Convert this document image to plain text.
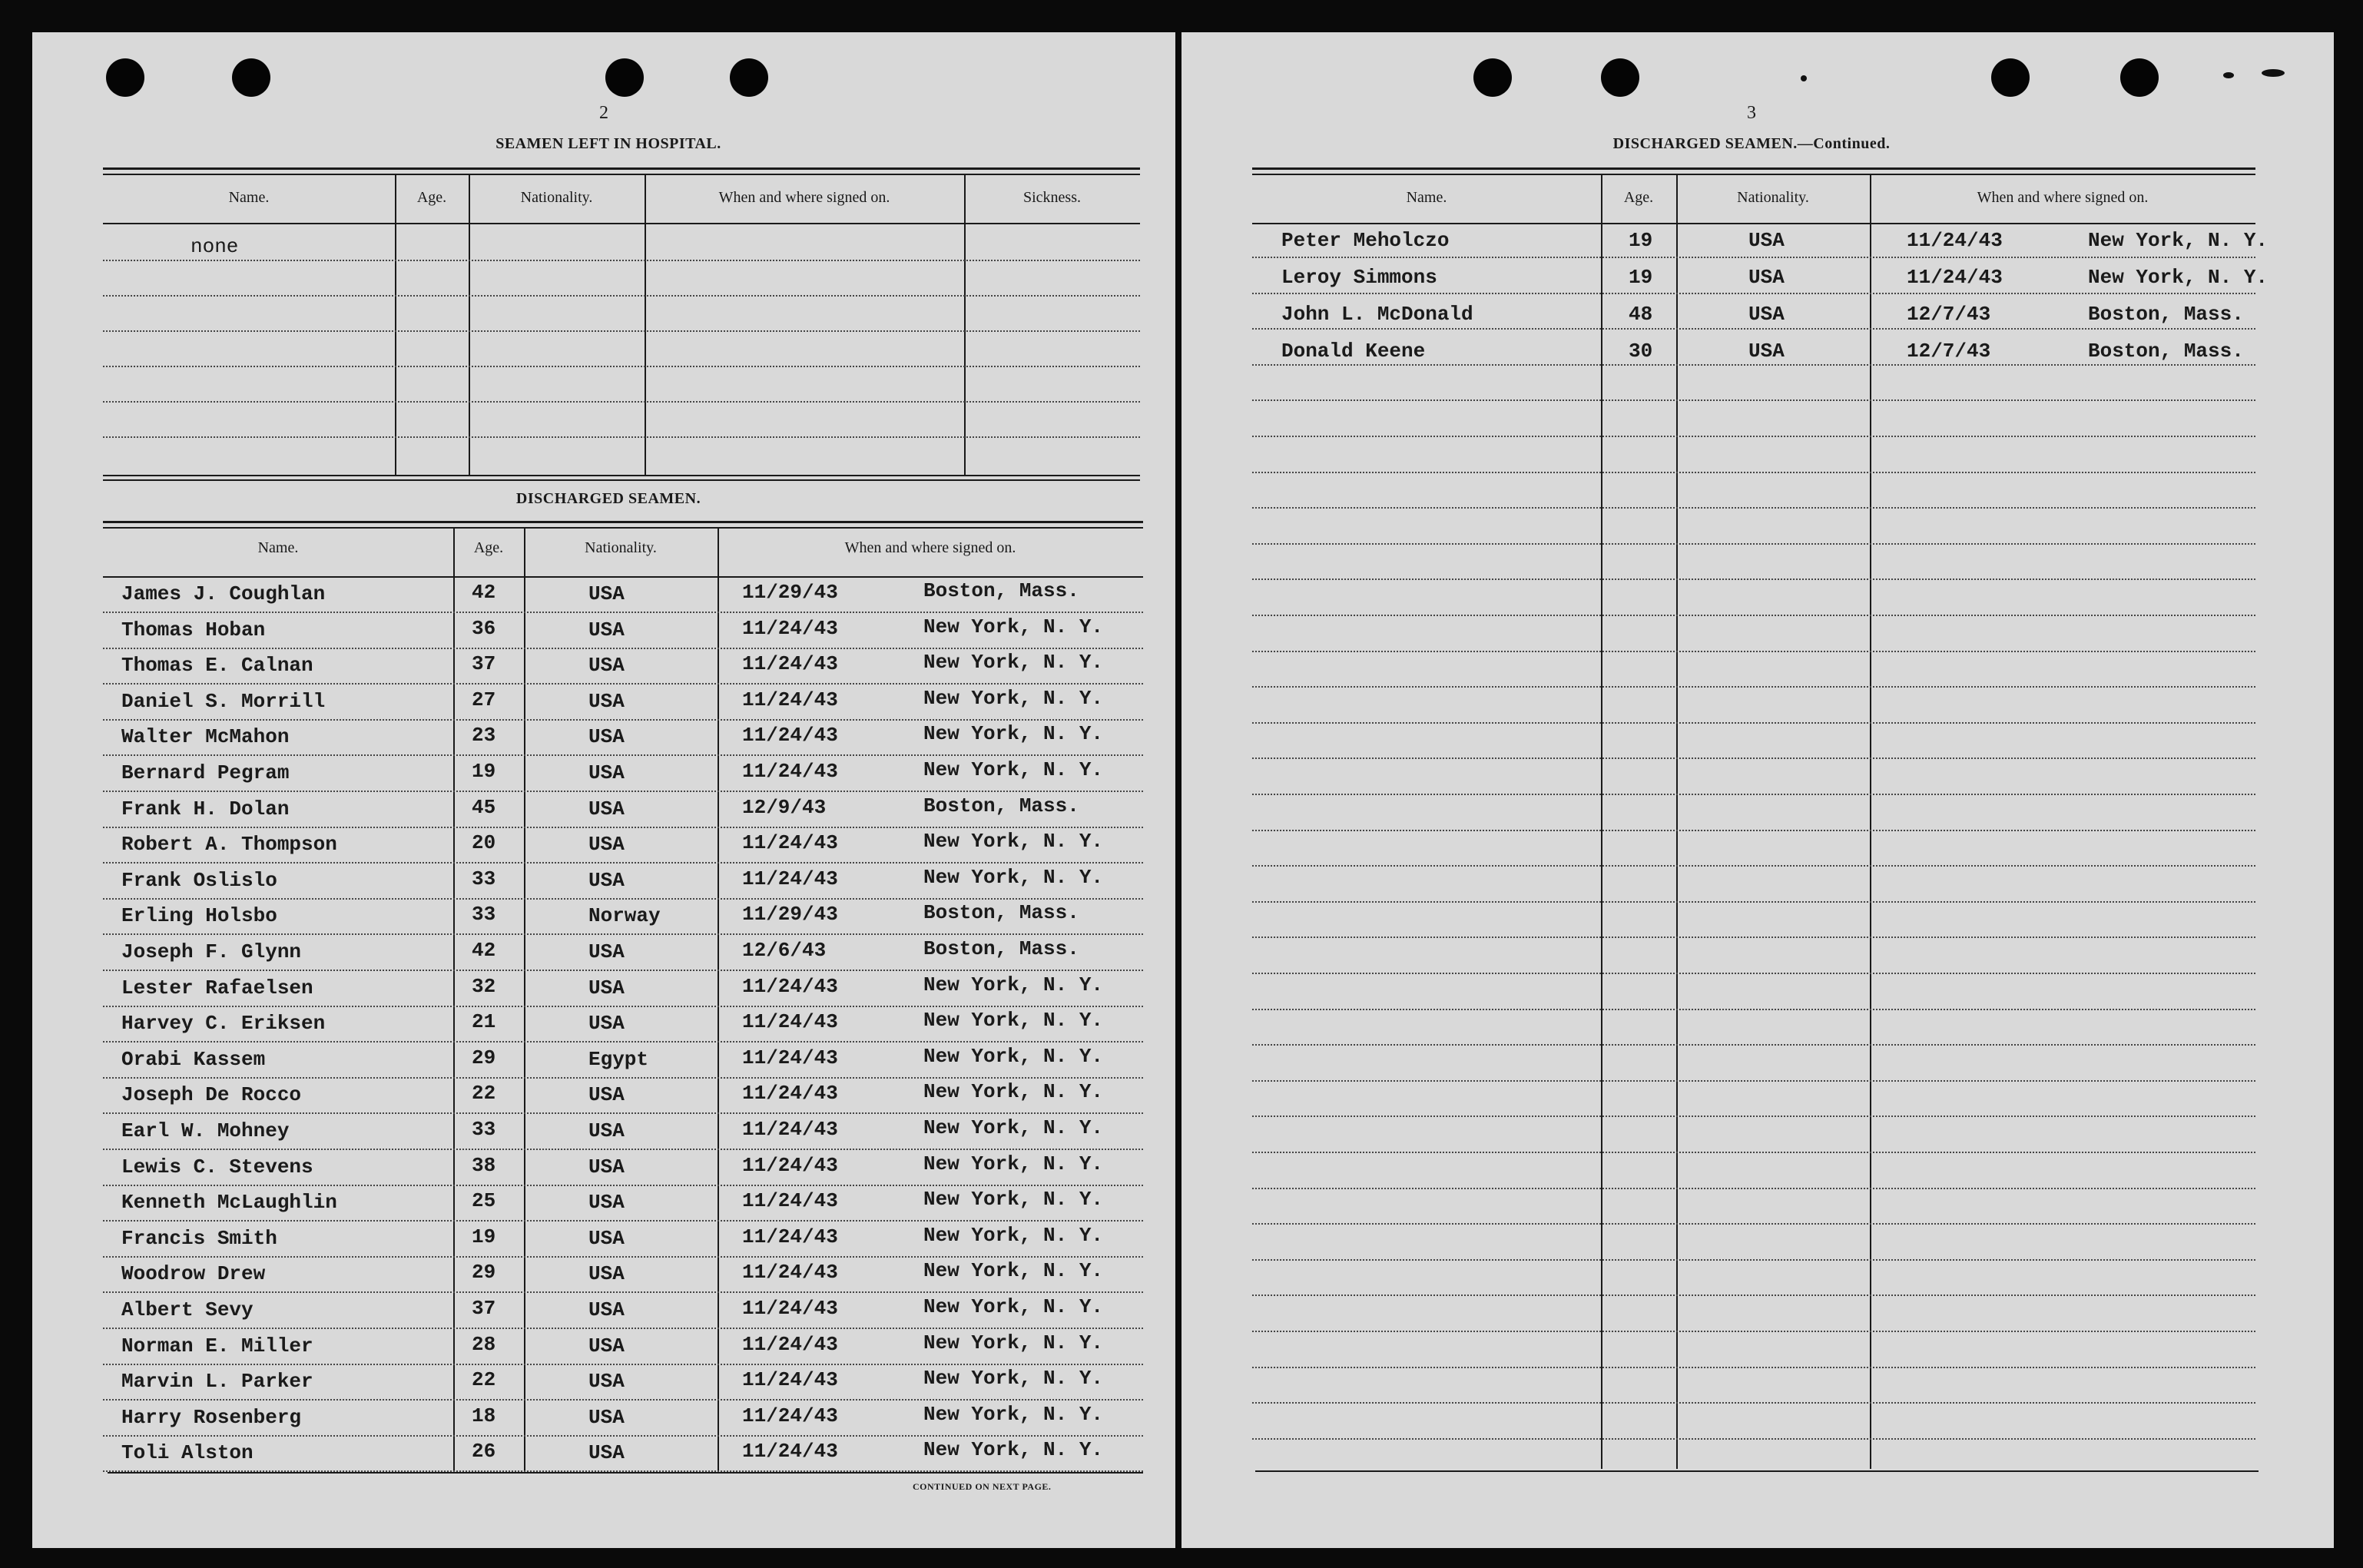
2
SEAMEN LEFT IN HOSPITAL.
Name.	Age.	Nationality.	When and where signed on.	Sickness.
none
DISCHARGED SEAMEN.
Name.	Age.	Nationality.	When and where signed on.
James J. Coughlan	42	USA	11/29/43	Boston, Mass.
Thomas Hoban	36	USA	11/24/43	New York, N. Y.
Thomas E. Calnan	37	USA	11/24/43	New York, N. Y.
Daniel S. Morrill	27	USA	11/24/43	New York, N. Y.
Walter McMahon	23	USA	11/24/43	New York, N. Y.
Bernard Pegram	19	USA	11/24/43	New York, N. Y.
Frank H. Dolan	45	USA	12/9/43	Boston, Mass.
Robert A. Thompson	20	USA	11/24/43	New York, N. Y.
Frank Oslislo	33	USA	11/24/43	New York, N. Y.
Erling Holsbo	33	Norway	11/29/43	Boston, Mass.
Joseph F. Glynn	42	USA	12/6/43	Boston, Mass.
Lester Rafaelsen	32	USA	11/24/43	New York, N. Y.
Harvey C. Eriksen	21	USA	11/24/43	New York, N. Y.
Orabi Kassem	29	Egypt	11/24/43	New York, N. Y.
Joseph De Rocco	22	USA	11/24/43	New York, N. Y.
Earl W. Mohney	33	USA	11/24/43	New York, N. Y.
Lewis C. Stevens	38	USA	11/24/43	New York, N. Y.
Kenneth McLaughlin	25	USA	11/24/43	New York, N. Y.
Francis Smith	19	USA	11/24/43	New York, N. Y.
Woodrow Drew	29	USA	11/24/43	New York, N. Y.
Albert Sevy	37	USA	11/24/43	New York, N. Y.
Norman E. Miller	28	USA	11/24/43	New York, N. Y.
Marvin L. Parker	22	USA	11/24/43	New York, N. Y.
Harry Rosenberg	18	USA	11/24/43	New York, N. Y.
Toli Alston	26	USA	11/24/43	New York, N. Y.
CONTINUED ON NEXT PAGE.
3
DISCHARGED SEAMEN.—Continued.
Name.	Age.	Nationality.	When and where signed on.
Peter Meholczo	19	USA	11/24/43	New York, N. Y.
Leroy Simmons	19	USA	11/24/43	New York, N. Y.
John L. McDonald	48	USA	12/7/43	Boston, Mass.
Donald Keene	30	USA	12/7/43	Boston, Mass.
